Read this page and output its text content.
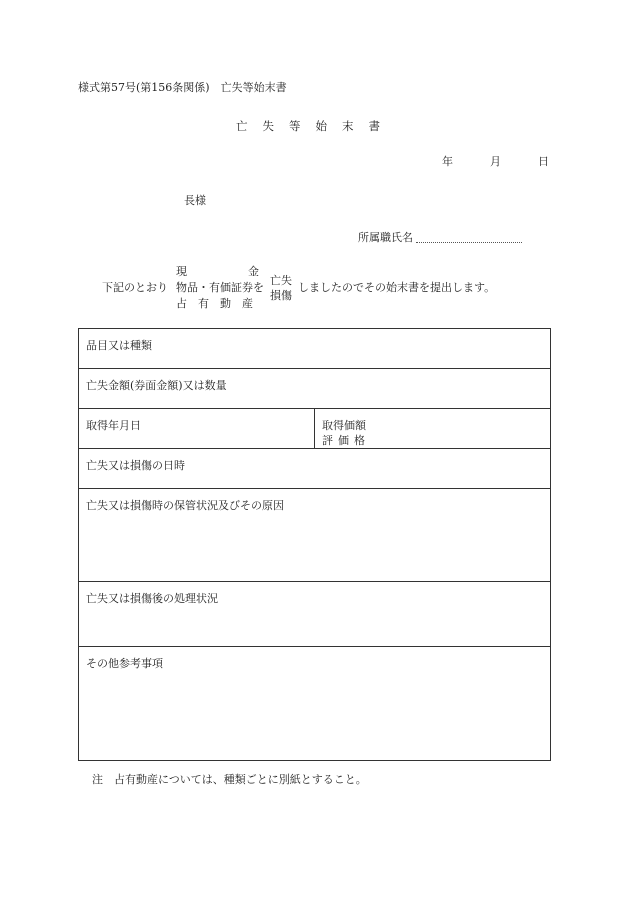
様式第57号(第156条関係)　亡失等始末書
亡失等始末書
年	月	日
長様
所属職氏名
下記のとおり
現	金
物品・有価証券を
占有動産
亡失
損傷
しましたのでその始末書を提出します。
品目又は種類
亡失金額(券面金額)又は数量
取得年月日	取得価額
評価格
亡失又は損傷の日時
亡失又は損傷時の保管状況及びその原因
亡失又は損傷後の処理状況
その他参考事項
注　占有動産については、種類ごとに別紙とすること。
